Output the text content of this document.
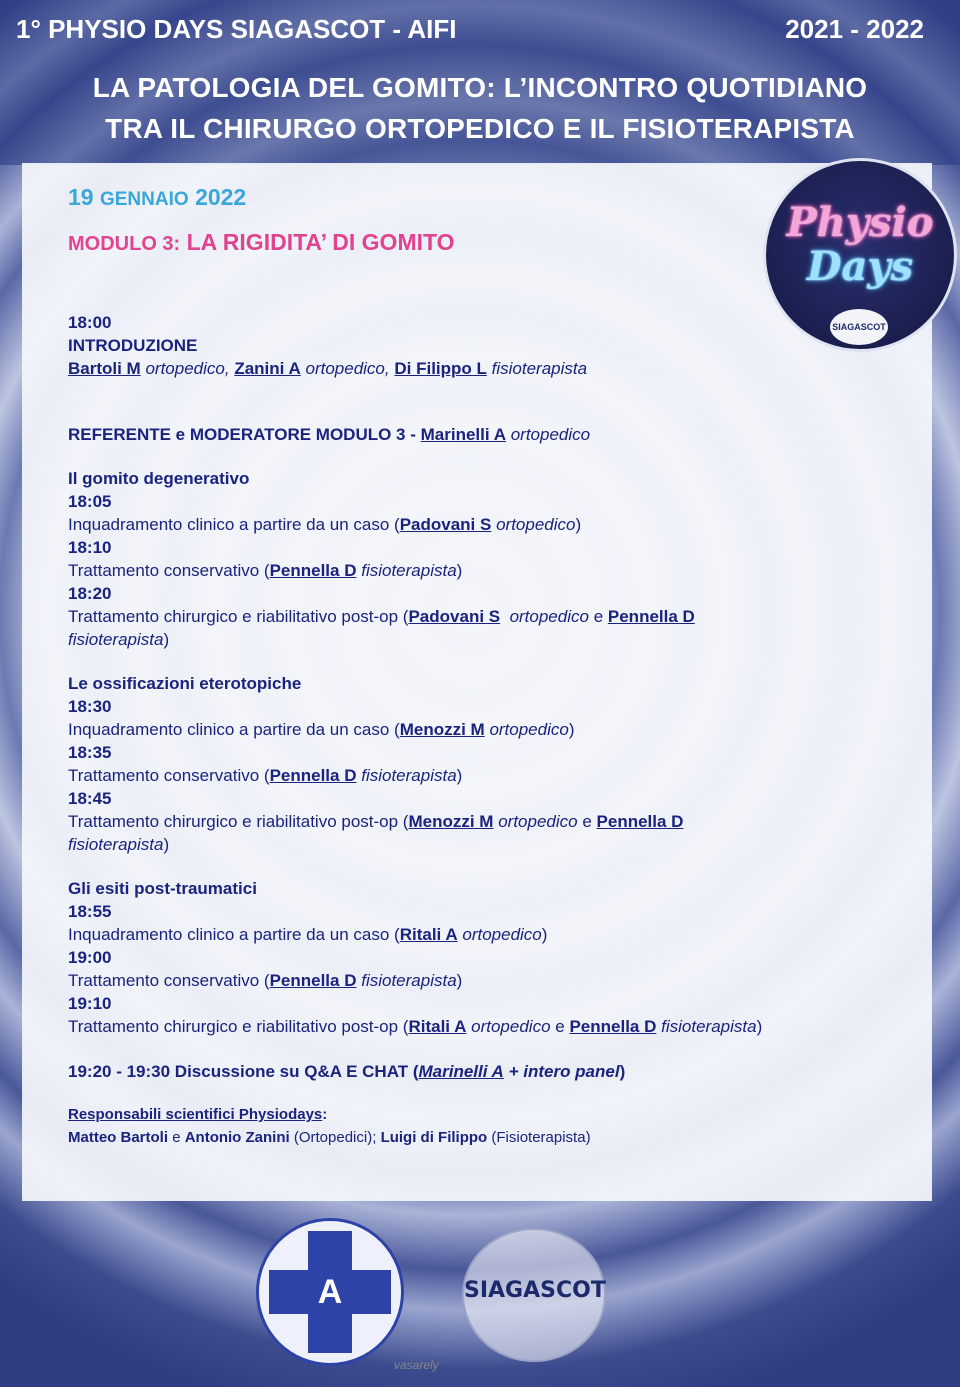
1° PHYSIO DAYS SIAGASCOT - AIFI	2021 - 2022
LA PATOLOGIA DEL GOMITO: L’INCONTRO QUOTIDIANO
TRA IL CHIRURGO ORTOPEDICO E IL FISIOTERAPISTA
19 GENNAIO 2022
MODULO 3: LA RIGIDITA’ DI GOMITO	Physio
Days
SIAGASCOT
18:00
INTRODUZIONE
Bartoli M ortopedico, Zanini A ortopedico, Di Filippo L fisioterapista
REFERENTE e MODERATORE MODULO 3 - Marinelli A ortopedico
Il gomito degenerativo
18:05
Inquadramento clinico a partire da un caso (Padovani S ortopedico)
18:10
Trattamento conservativo (Pennella D fisioterapista)
18:20
Trattamento chirurgico e riabilitativo post-op (Padovani S ortopedico e Pennella D
fisioterapista)
Le ossificazioni eterotopiche
18:30
Inquadramento clinico a partire da un caso (Menozzi M ortopedico)
18:35
Trattamento conservativo (Pennella D fisioterapista)
18:45
Trattamento chirurgico e riabilitativo post-op (Menozzi M ortopedico e Pennella D
fisioterapista)
Gli esiti post-traumatici
18:55
Inquadramento clinico a partire da un caso (Ritali A ortopedico)
19:00
Trattamento conservativo (Pennella D fisioterapista)
19:10
Trattamento chirurgico e riabilitativo post-op (Ritali A ortopedico e Pennella D fisioterapista)
19:20 - 19:30 Discussione su Q&A E CHAT (Marinelli A + intero panel)
Responsabili scientifici Physiodays:
Matteo Bartoli e Antonio Zanini (Ortopedici); Luigi di Filippo (Fisioterapista)
A	SIAGASCOT
vasarely
